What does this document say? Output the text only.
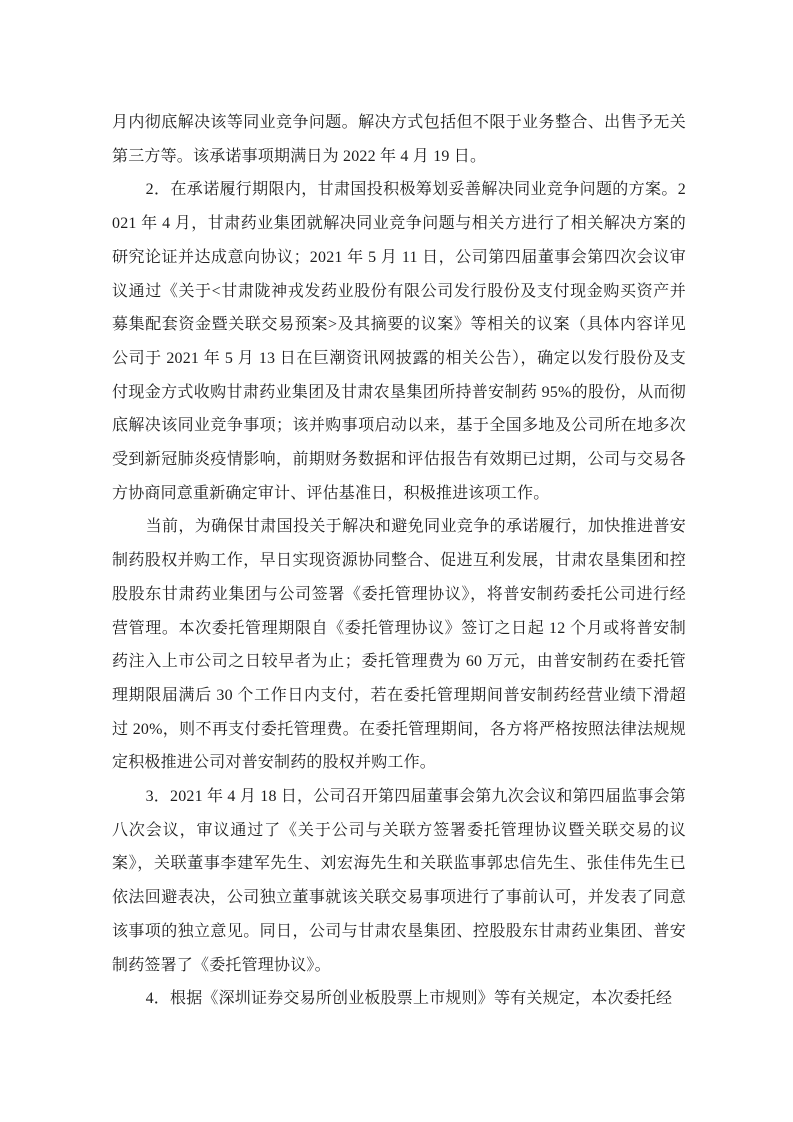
月内彻底解决该等同业竞争问题。解决方式包括但不限于业务整合、出售予无关第三方等。该承诺事项期满日为 2022 年 4 月 19 日。

2．在承诺履行期限内，甘肃国投积极筹划妥善解决同业竞争问题的方案。2021 年 4 月，甘肃药业集团就解决同业竞争问题与相关方进行了相关解决方案的研究论证并达成意向协议；2021 年 5 月 11 日，公司第四届董事会第四次会议审议通过《关于<甘肃陇神戎发药业股份有限公司发行股份及支付现金购买资产并募集配套资金暨关联交易预案>及其摘要的议案》等相关的议案（具体内容详见公司于 2021 年 5 月 13 日在巨潮资讯网披露的相关公告），确定以发行股份及支付现金方式收购甘肃药业集团及甘肃农垦集团所持普安制药 95%的股份，从而彻底解决该同业竞争事项；该并购事项启动以来，基于全国多地及公司所在地多次受到新冠肺炎疫情影响，前期财务数据和评估报告有效期已过期，公司与交易各方协商同意重新确定审计、评估基准日，积极推进该项工作。

当前，为确保甘肃国投关于解决和避免同业竞争的承诺履行，加快推进普安制药股权并购工作，早日实现资源协同整合、促进互利发展，甘肃农垦集团和控股股东甘肃药业集团与公司签署《委托管理协议》，将普安制药委托公司进行经营管理。本次委托管理期限自《委托管理协议》签订之日起 12 个月或将普安制药注入上市公司之日较早者为止；委托管理费为 60 万元，由普安制药在委托管理期限届满后 30 个工作日内支付，若在委托管理期间普安制药经营业绩下滑超过 20%，则不再支付委托管理费。在委托管理期间，各方将严格按照法律法规规定积极推进公司对普安制药的股权并购工作。

3．2021 年 4 月 18 日，公司召开第四届董事会第九次会议和第四届监事会第八次会议，审议通过了《关于公司与关联方签署委托管理协议暨关联交易的议案》，关联董事李建军先生、刘宏海先生和关联监事郭忠信先生、张佳伟先生已依法回避表决，公司独立董事就该关联交易事项进行了事前认可，并发表了同意该事项的独立意见。同日，公司与甘肃农垦集团、控股股东甘肃药业集团、普安制药签署了《委托管理协议》。

4．根据《深圳证券交易所创业板股票上市规则》等有关规定，本次委托经
